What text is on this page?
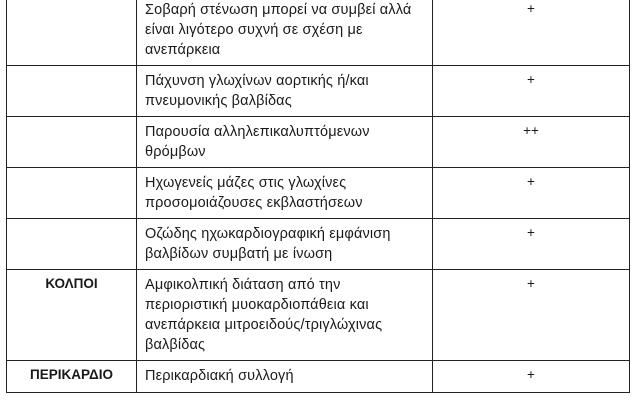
	Σοβαρή στένωση μπορεί να συμβεί αλλά είναι λιγότερο συχνή σε σχέση με ανεπάρκεια	+
	Πάχυνση γλωχίνων αορτικής ή/και πνευμονικής βαλβίδας	+
	Παρουσία αλληλεπικαλυπτόμενων θρόμβων	++
	Ηχωγενείς μάζες στις γλωχίνες προσομοιάζουσες εκβλαστήσεων	+
	Οζώδης ηχωκαρδιογραφική εμφάνιση βαλβίδων συμβατή με ίνωση	+
ΚΟΛΠΟΙ	Αμφικολπική διάταση από την περιοριστική μυοκαρδιοπάθεια και ανεπάρκεια μιτροειδούς/τριγλώχινας βαλβίδας	+
ΠΕΡΙΚΑΡΔΙΟ	Περικαρδιακή συλλογή	+
